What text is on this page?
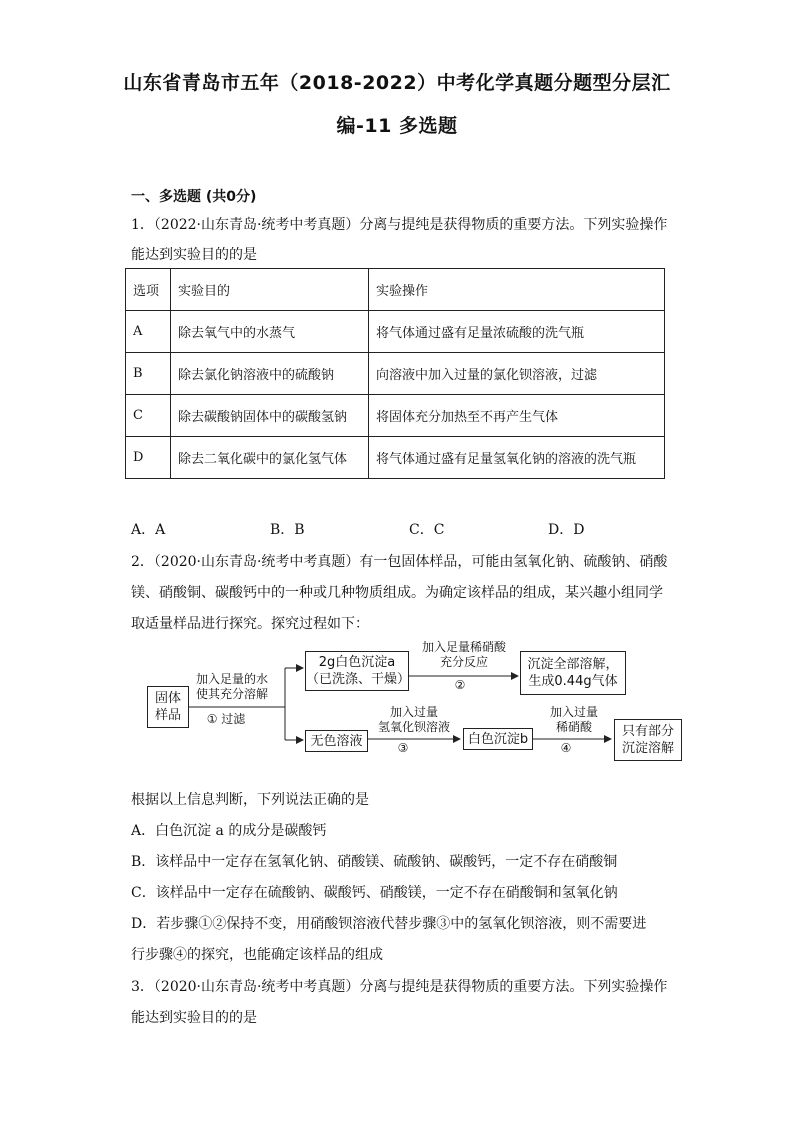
山东省青岛市五年（2018-2022）中考化学真题分题型分层汇
编-11 多选题
一、多选题 (共0分)
1．（2022·山东青岛·统考中考真题）分离与提纯是获得物质的重要方法。下列实验操作
能达到实验目的的是
选项	实验目的	实验操作
A	除去氧气中的水蒸气	将气体通过盛有足量浓硫酸的洗气瓶
B	除去氯化钠溶液中的硫酸钠	向溶液中加入过量的氯化钡溶液，过滤
C	除去碳酸钠固体中的碳酸氢钠	将固体充分加热至不再产生气体
D	除去二氧化碳中的氯化氢气体	将气体通过盛有足量氢氧化钠的溶液的洗气瓶
A．A	B．B	C．C	D．D
2．（2020·山东青岛·统考中考真题）有一包固体样品，可能由氢氧化钠、硫酸钠、硝酸
镁、硝酸铜、碳酸钙中的一种或几种物质组成。为确定该样品的组成，某兴趣小组同学
取适量样品进行探究。探究过程如下：
固体
样品
加入足量的水
使其充分溶解
① 过滤
2g白色沉淀a
（已洗涤、干燥）
加入足量稀硝酸
充分反应
②
沉淀全部溶解，
生成0.44g气体
无色溶液
加入过量
氢氧化钡溶液
③
白色沉淀b
加入过量
稀硝酸
④
只有部分
沉淀溶解
根据以上信息判断，下列说法正确的是
A．白色沉淀 a 的成分是碳酸钙
B．该样品中一定存在氢氧化钠、硝酸镁、硫酸钠、碳酸钙，一定不存在硝酸铜
C．该样品中一定存在硫酸钠、碳酸钙、硝酸镁，一定不存在硝酸铜和氢氧化钠
D．若步骤①②保持不变，用硝酸钡溶液代替步骤③中的氢氧化钡溶液，则不需要进
行步骤④的探究，也能确定该样品的组成
3．（2020·山东青岛·统考中考真题）分离与提纯是获得物质的重要方法。下列实验操作
能达到实验目的的是
